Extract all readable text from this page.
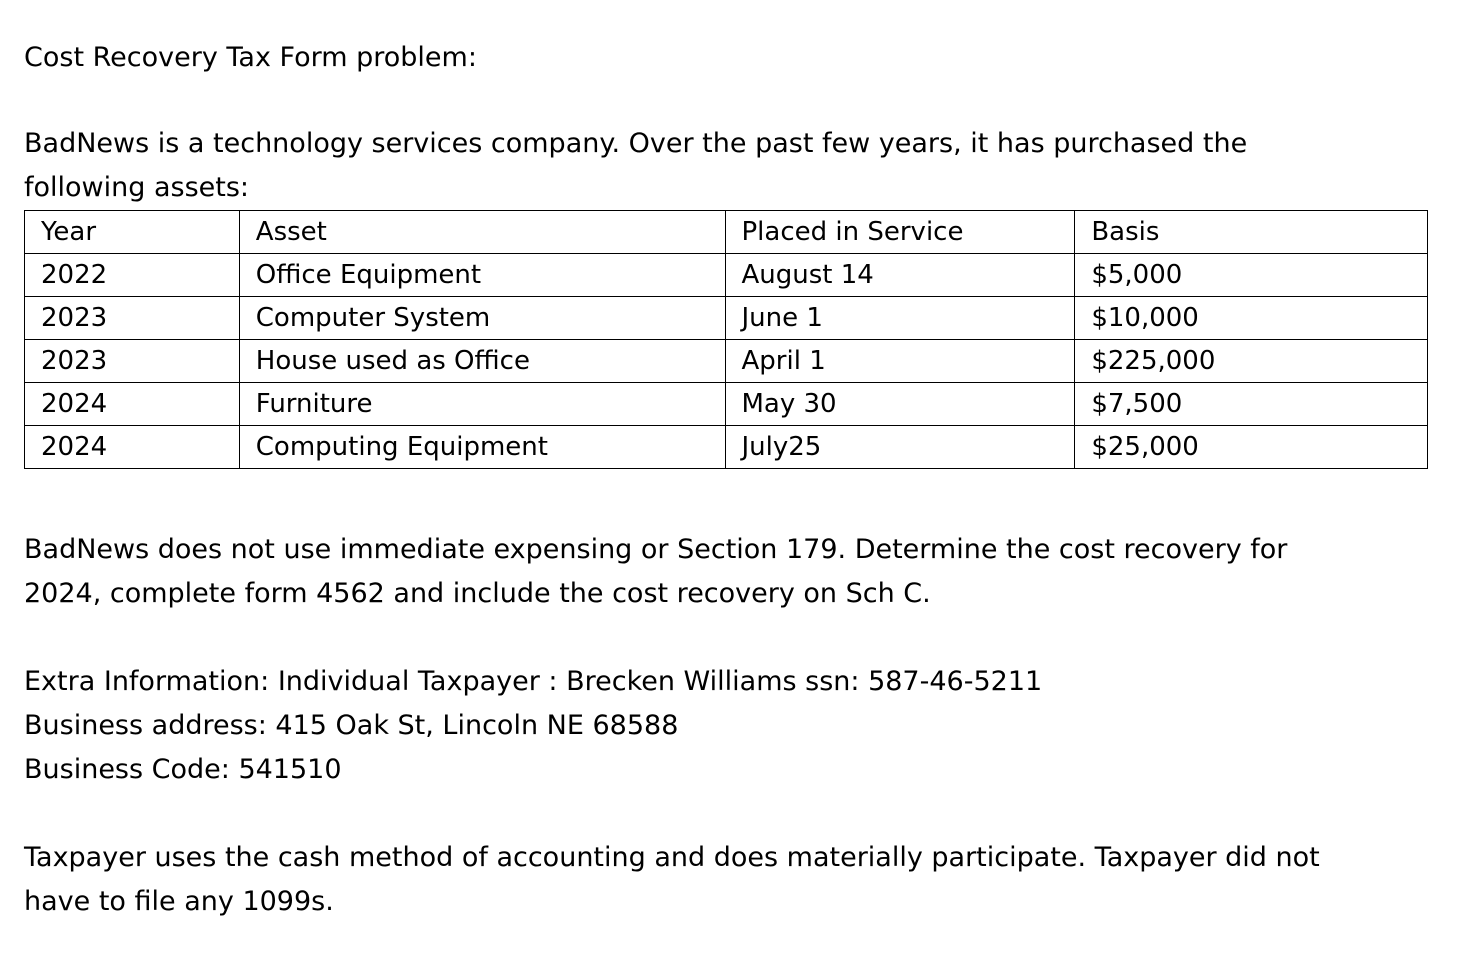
Cost Recovery Tax Form problem:
BadNews is a technology services company. Over the past few years, it has purchased the
following assets:
Year	Asset	Placed in Service	Basis
2022	Office Equipment	August 14	$5,000
2023	Computer System	June 1	$10,000
2023	House used as Office	April 1	$225,000
2024	Furniture	May 30	$7,500
2024	Computing Equipment	July25	$25,000
BadNews does not use immediate expensing or Section 179. Determine the cost recovery for
2024, complete form 4562 and include the cost recovery on Sch C.
Extra Information: Individual Taxpayer : Brecken Williams ssn: 587-46-5211
Business address: 415 Oak St, Lincoln NE 68588
Business Code: 541510
Taxpayer uses the cash method of accounting and does materially participate. Taxpayer did not
have to file any 1099s.
